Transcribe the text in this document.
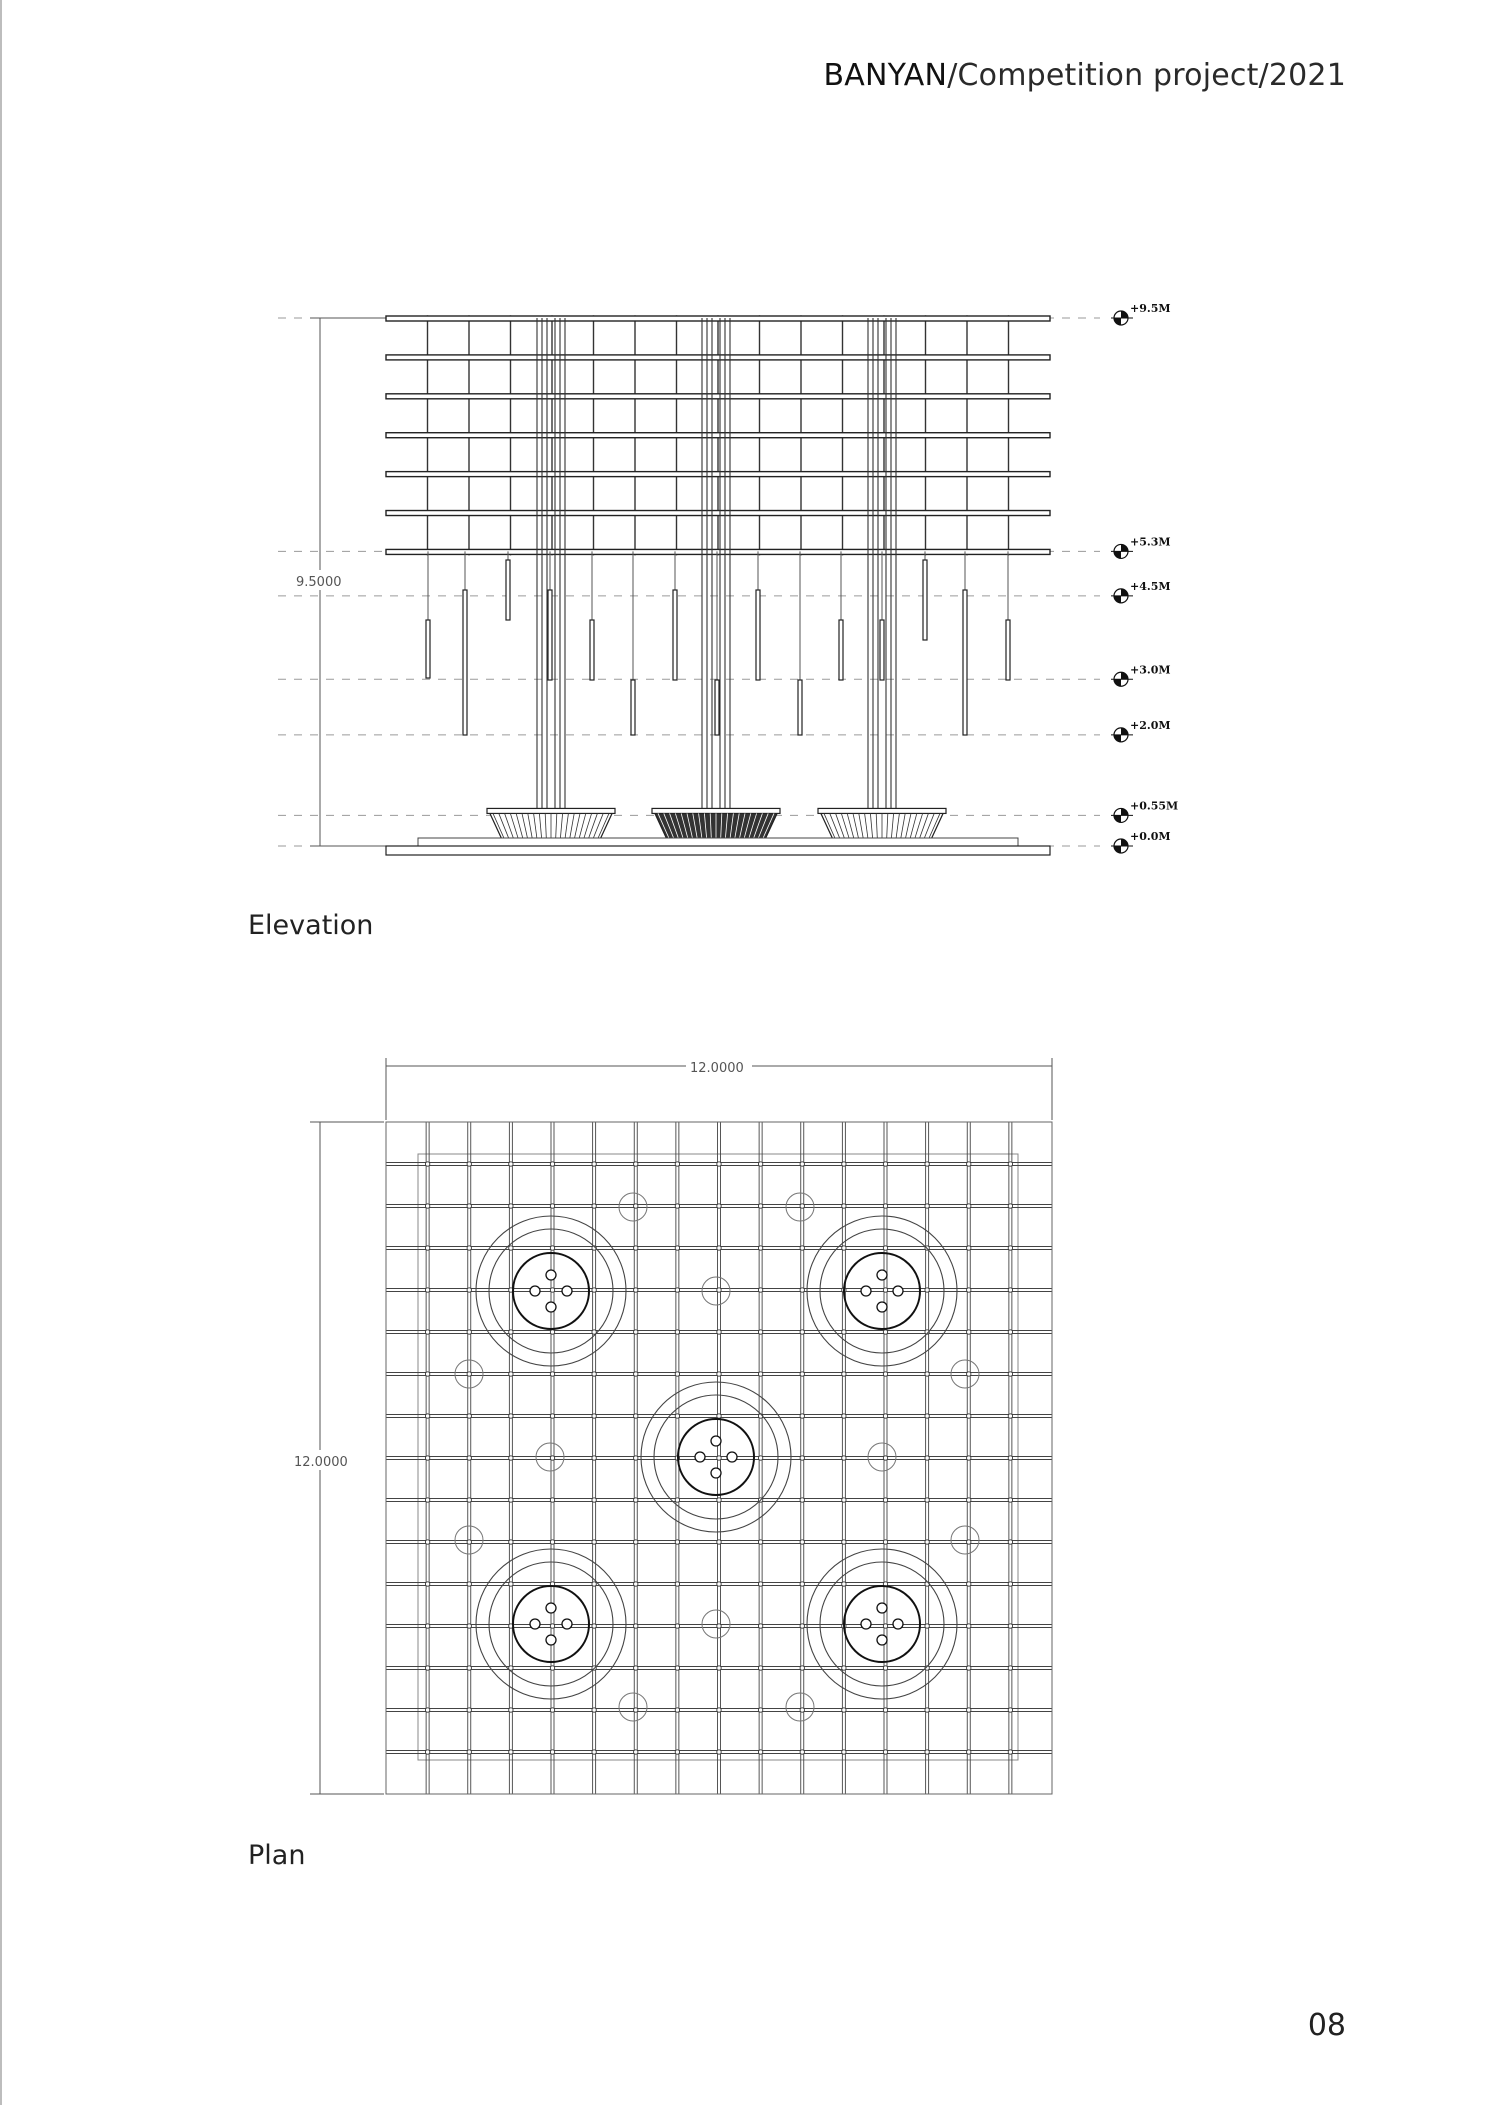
BANYAN/Competition project/2021
+9.5M
+5.3M
+4.5M
+3.0M
+2.0M
+0.55M
+0.0M
9.5000
12.0000
12.0000
Elevation
Plan
08
